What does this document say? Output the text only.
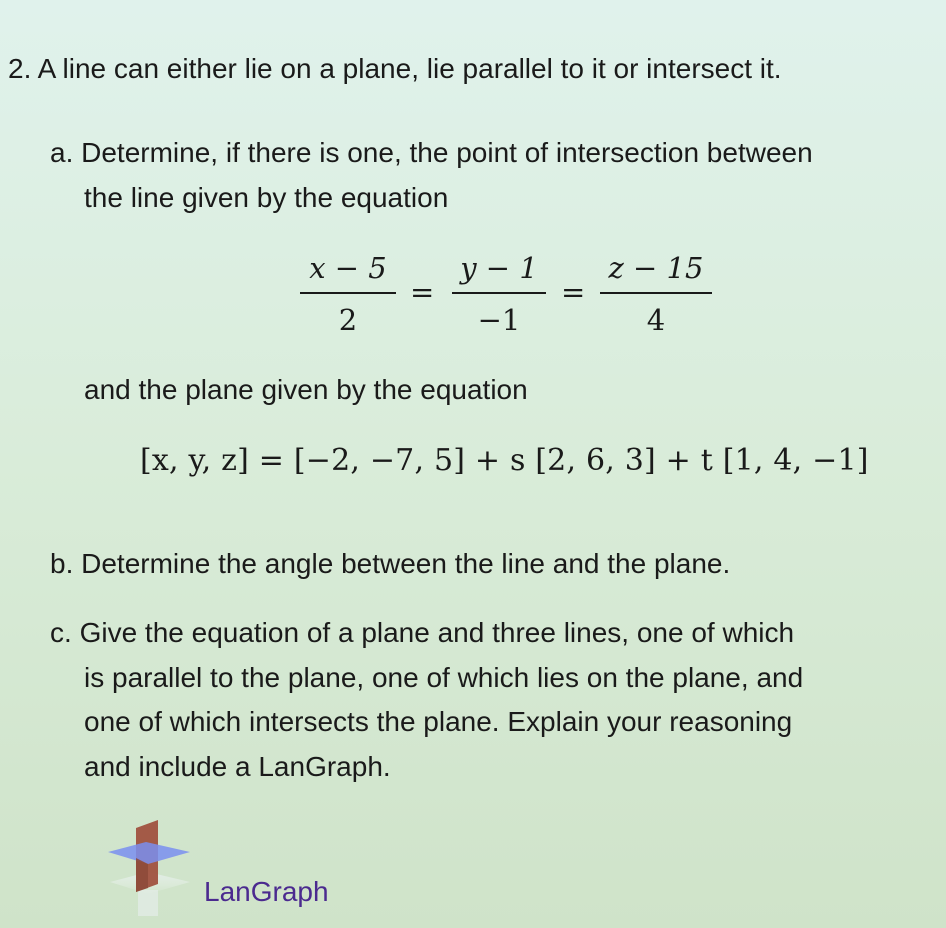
2. A line can either lie on a plane, lie parallel to it or intersect it.
a. Determine, if there is one, the point of intersection between
the line given by the equation
x − 5
2
=
y − 1
−1
=
z − 15
4
and the plane given by the equation
[x, y, z] = [−2, −7, 5] + s [2, 6, 3] + t [1, 4, −1]
b. Determine the angle between the line and the plane.
c. Give the equation of a plane and three lines, one of which
is parallel to the plane, one of which lies on the plane, and
one of which intersects the plane. Explain your reasoning
and include a LanGraph.
LanGraph
